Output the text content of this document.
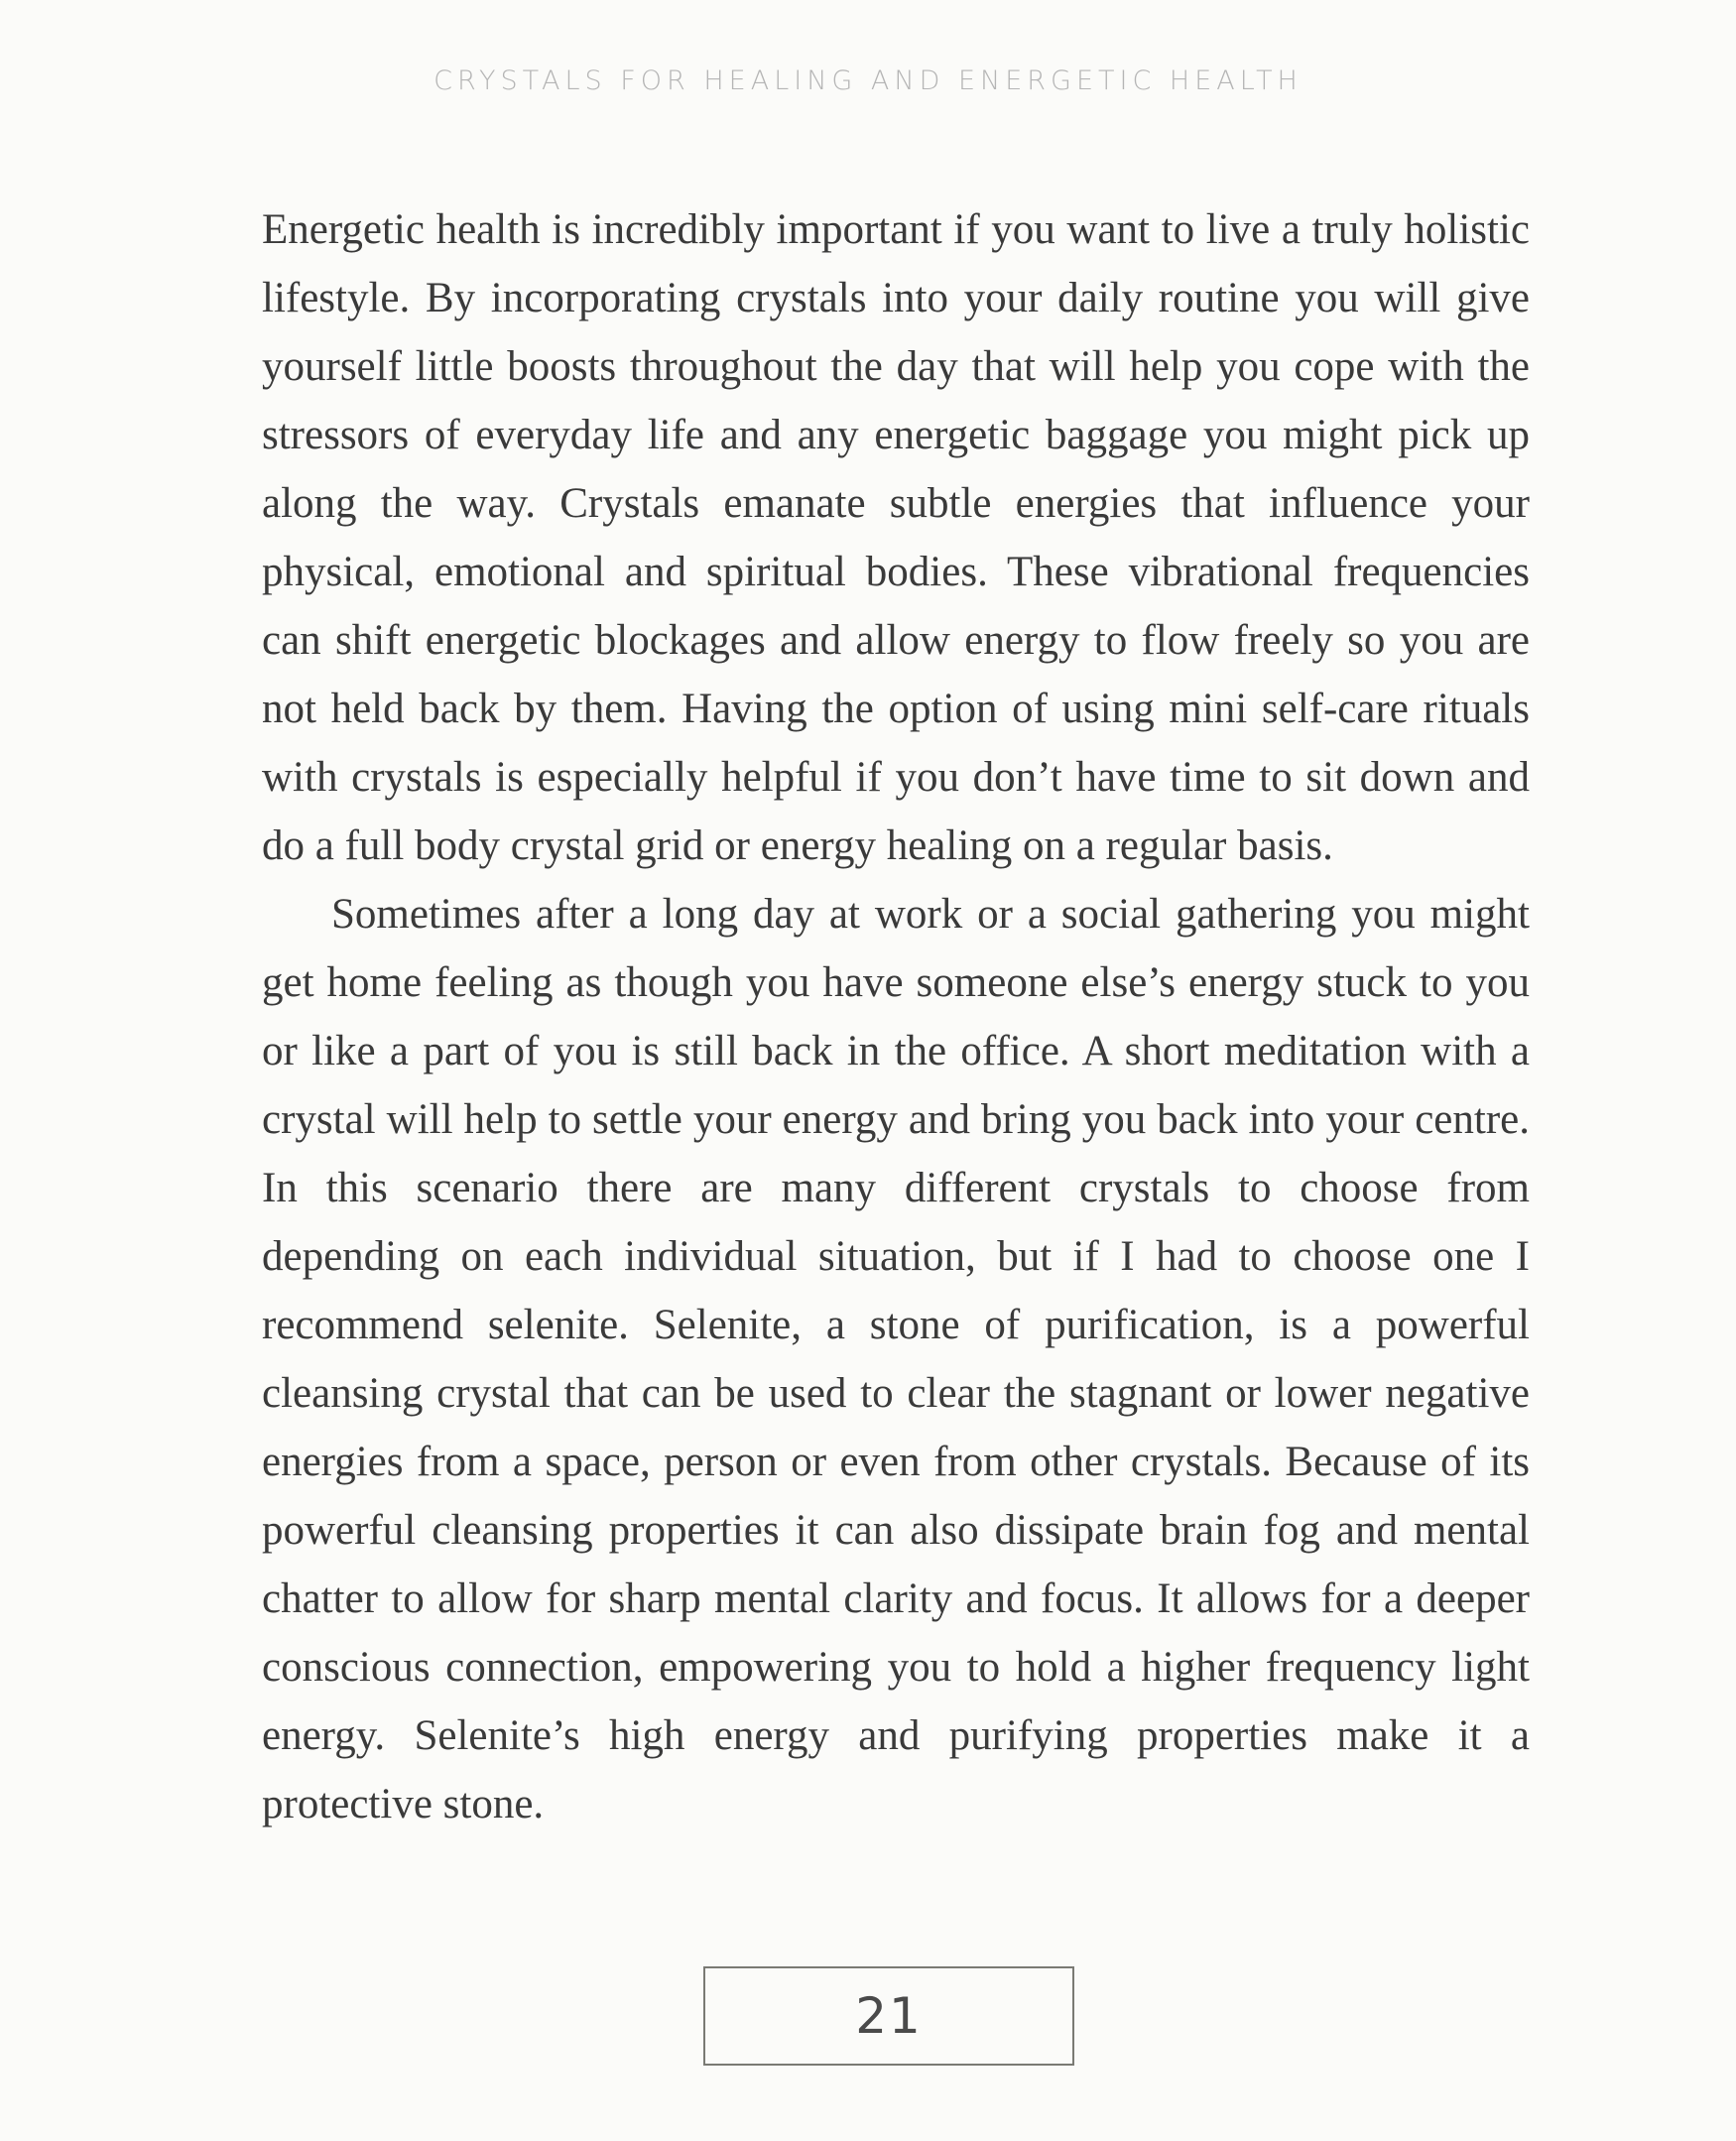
CRYSTALS FOR HEALING AND ENERGETIC HEALTH

Energetic health is incredibly important if you want to live a truly holistic lifestyle. By incorporating crystals into your daily routine you will give yourself little boosts throughout the day that will help you cope with the stressors of everyday life and any energetic baggage you might pick up along the way. Crystals emanate subtle energies that influence your physical, emotional and spiritual bodies. These vibrational frequencies can shift energetic blockages and allow energy to flow freely so you are not held back by them. Having the option of using mini self-care rituals with crystals is especially helpful if you don’t have time to sit down and do a full body crystal grid or energy healing on a regular basis.

Sometimes after a long day at work or a social gathering you might get home feeling as though you have someone else’s energy stuck to you or like a part of you is still back in the office. A short meditation with a crystal will help to settle your energy and bring you back into your centre. In this scenario there are many different crystals to choose from depending on each individual situation, but if I had to choose one I recommend selenite. Selenite, a stone of purification, is a powerful cleansing crystal that can be used to clear the stagnant or lower negative energies from a space, person or even from other crystals. Because of its powerful cleansing properties it can also dissipate brain fog and mental chatter to allow for sharp mental clarity and focus. It allows for a deeper conscious connection, empowering you to hold a higher frequency light energy. Selenite’s high energy and purifying properties make it a protective stone.

21
